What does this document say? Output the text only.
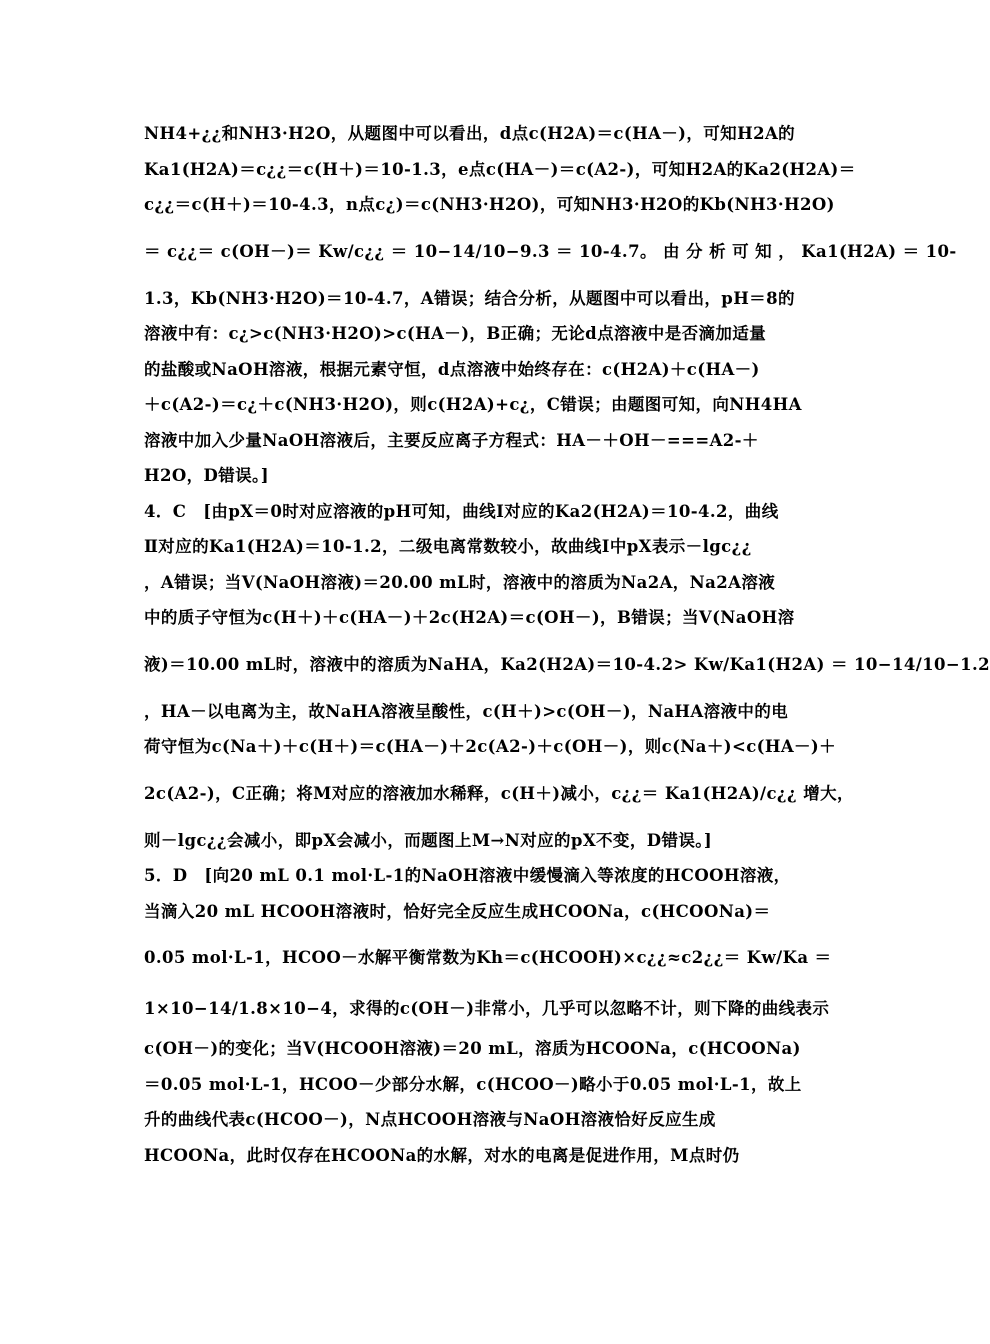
NH4+¿¿和NH3·H2O，从题图中可以看出，d点c(H2A)＝c(HA－)，可知H2A的
Ka1(H2A)＝c¿¿＝c(H＋)＝10-1.3，e点c(HA－)＝c(A2-)，可知H2A的Ka2(H2A)＝
c¿¿＝c(H＋)＝10-4.3，n点c¿)＝c(NH3·H2O)，可知NH3·H2O的Kb(NH3·H2O)
＝ c¿¿＝ c(OH－)＝ Kw/c¿¿ ＝ 10−14/10−9.3 ＝ 10-4.7。 由 分 析 可 知 ， Ka1(H2A) ＝ 10-
1.3，Kb(NH3·H2O)＝10-4.7，A错误；结合分析，从题图中可以看出，pH＝8的
溶液中有：c¿>c(NH3·H2O)>c(HA－)，B正确；无论d点溶液中是否滴加适量
的盐酸或NaOH溶液，根据元素守恒，d点溶液中始终存在：c(H2A)＋c(HA－)
＋c(A2-)＝c¿＋c(NH3·H2O)，则c(H2A)+c¿，C错误；由题图可知，向NH4HA
溶液中加入少量NaOH溶液后，主要反应离子方程式：HA－＋OH－===A2-＋
H2O，D错误。]
4．C　[由pX＝0时对应溶液的pH可知，曲线Ⅰ对应的Ka2(H2A)＝10-4.2，曲线
Ⅱ对应的Ka1(H2A)＝10-1.2，二级电离常数较小，故曲线Ⅰ中pX表示－lgc¿¿
，A错误；当V(NaOH溶液)＝20.00 mL时，溶液中的溶质为Na2A，Na2A溶液
中的质子守恒为c(H＋)＋c(HA－)＋2c(H2A)＝c(OH－)，B错误；当V(NaOH溶
液)＝10.00 mL时，溶液中的溶质为NaHA，Ka2(H2A)＝10-4.2> Kw/Ka1(H2A) ＝ 10−14/10−1.2
，HA－以电离为主，故NaHA溶液呈酸性，c(H＋)>c(OH－)，NaHA溶液中的电
荷守恒为c(Na＋)＋c(H＋)＝c(HA－)＋2c(A2-)＋c(OH－)，则c(Na＋)<c(HA－)＋
2c(A2-)，C正确；将M对应的溶液加水稀释，c(H＋)减小，c¿¿＝ Ka1(H2A)/c¿¿ 增大，
则－lgc¿¿会减小，即pX会减小，而题图上M→N对应的pX不变，D错误。]
5．D　[向20 mL 0.1 mol·L-1的NaOH溶液中缓慢滴入等浓度的HCOOH溶液，
当滴入20 mL HCOOH溶液时，恰好完全反应生成HCOONa，c(HCOONa)＝
0.05 mol·L-1，HCOO－水解平衡常数为Kh＝c(HCOOH)×c¿¿≈c2¿¿＝ Kw/Ka ＝
1×10−14/1.8×10−4，求得的c(OH－)非常小，几乎可以忽略不计，则下降的曲线表示
c(OH－)的变化；当V(HCOOH溶液)＝20 mL，溶质为HCOONa，c(HCOONa)
＝0.05 mol·L-1，HCOO－少部分水解，c(HCOO－)略小于0.05 mol·L-1，故上
升的曲线代表c(HCOO－)，N点HCOOH溶液与NaOH溶液恰好反应生成
HCOONa，此时仅存在HCOONa的水解，对水的电离是促进作用，M点时仍
